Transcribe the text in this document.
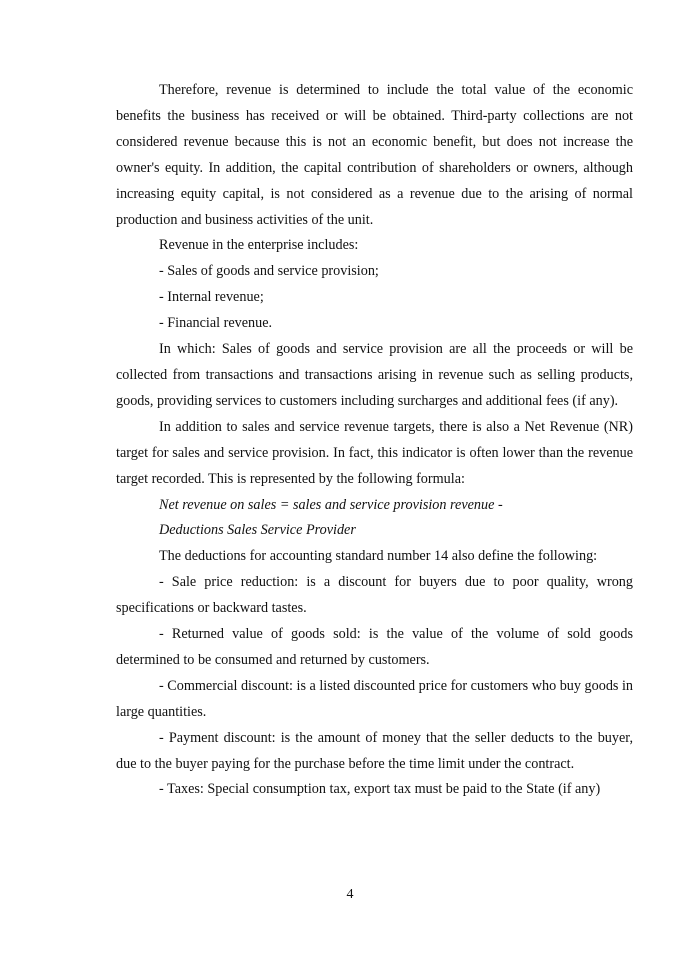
Therefore, revenue is determined to include the total value of the economic benefits the business has received or will be obtained. Third-party collections are not considered revenue because this is not an economic benefit, but does not increase the owner's equity. In addition, the capital contribution of shareholders or owners, although increasing equity capital, is not considered as a revenue due to the arising of normal production and business activities of the unit.

Revenue in the enterprise includes:

- Sales of goods and service provision;

- Internal revenue;

- Financial revenue.

In which: Sales of goods and service provision are all the proceeds or will be collected from transactions and transactions arising in revenue such as selling products, goods, providing services to customers including surcharges and additional fees (if any).

In addition to sales and service revenue targets, there is also a Net Revenue (NR) target for sales and service provision. In fact, this indicator is often lower than the revenue target recorded. This is represented by the following formula:

Net revenue on sales = sales and service provision revenue -

Deductions Sales Service Provider

The deductions for accounting standard number 14 also define the following:

- Sale price reduction: is a discount for buyers due to poor quality, wrong specifications or backward tastes.

- Returned value of goods sold: is the value of the volume of sold goods determined to be consumed and returned by customers.

- Commercial discount: is a listed discounted price for customers who buy goods in large quantities.

- Payment discount: is the amount of money that the seller deducts to the buyer, due to the buyer paying for the purchase before the time limit under the contract.

- Taxes: Special consumption tax, export tax must be paid to the State (if any)

4
